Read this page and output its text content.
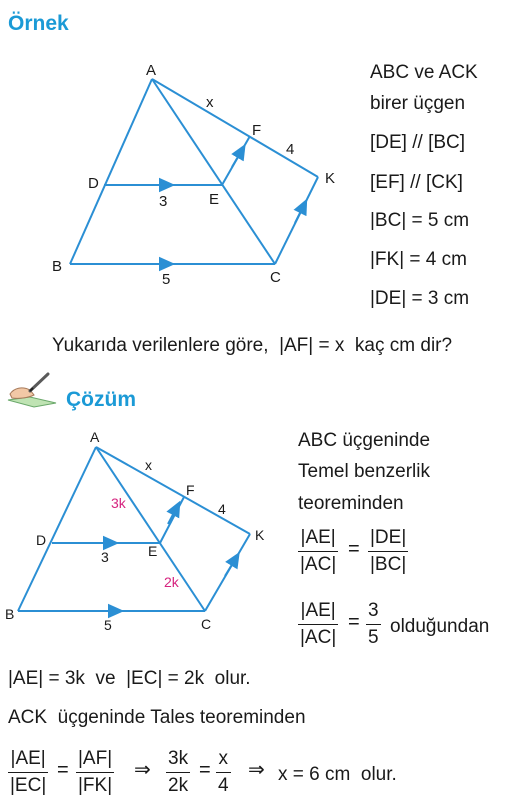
Örnek
A
B
C
D
E
F
K
x
3
5
4
ABC ve ACK
birer üçgen
[DE] // [BC]
[EF] // [CK]
|BC| = 5 cm
|FK| = 4 cm
|DE| = 3 cm
Yukarıda verilenlere göre,  |AF| = x  kaç cm dir?
Çözüm
A
B
C
D
E
F
K
x
3
5
4
3k
2k
ABC üçgeninde
Temel benzerlik
teoreminden
$\frac{|AE|}{|AC|} = \frac{|DE|}{|BC|}$
$\frac{|AE|}{|AC|} = \frac{3}{5}$ olduğundan
|AE| = 3k  ve  |EC| = 2k  olur.
ACK  üçgeninde Tales teoreminden
$\frac{|AE|}{|EC|} = \frac{|AF|}{|FK|}$ ⇒ $\frac{3k}{2k} = \frac{x}{4}$ ⇒ x = 6 cm  olur.
